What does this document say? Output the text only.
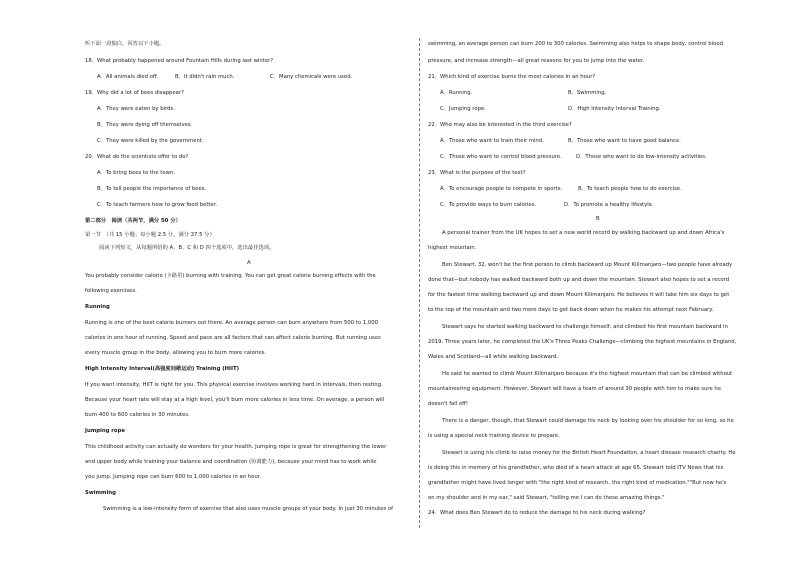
听下面一段独白，回答以下小题。
18．What probably happened around Fountain Hills during last winter?
A．All animals died off.	B．It didn't rain much.	C．Many chemicals were used.
19．Why did a lot of bees disappear?
A．They were eaten by birds.
B．They were dying off themselves.
C．They were killed by the government.
20．What do the scientists offer to do?
A．To bring bees to the town.
B．To tell people the importance of bees.
C．To teach farmers how to grow food better.
第二部分　阅读（共两节，满分 50 分）
第一节　（共 15 小题；每小题 2.5 分，满分 37.5 分）
阅读下列短文，从每题所给的 A、B、C 和 D 四个选项中，选出最佳选项。
A
You probably consider calorie (卡路里) burning with training. You can get great calorie burning effects with the
following exercises.
Running
Running is one of the best calorie burners out there. An average person can burn anywhere from 500 to 1,000
calories in one hour of running. Speed and pace are all factors that can affect calorie burning. But running uses
every muscle group in the body, allowing you to burn more calories.
High Intensity Interval(高强度间歇运动) Training (HIIT)
If you want intensity, HIIT is right for you. This physical exercise involves working hard in intervals, then resting.
Because your heart rate will stay at a high level, you'll burn more calories in less time. On average, a person will
burn 400 to 600 calories in 30 minutes.
Jumping rope
This childhood activity can actually do wonders for your health. Jumping rope is great for strengthening the lower
and upper body while training your balance and coordination (协调能力), because your mind has to work while
you jump. Jumping rope can burn 600 to 1,000 calories in an hour.
Swimming
Swimming is a low-intensity form of exercise that also uses muscle groups of your body. In just 30 minutes of
swimming, an average person can burn 200 to 300 calories. Swimming also helps to shape body, control blood
pressure, and increase strength—all great reasons for you to jump into the water.
21．Which kind of exercise burns the most calories in an hour?
A．Running.	B．Swimming.
C．Jumping rope.	D．High Intensity Interval Training.
22．Who may also be interested in the third exercise?
A．Those who want to train their mind.	B．Those who want to have good balance.
C．Those who want to control blood pressure.	D．Those who want to do low-intensity activities.
23．What is the purpose of the text?
A．To encourage people to compete in sports.	B．To teach people how to do exercise.
C．To provide ways to burn calories.	D．To promote a healthy lifestyle.
B
A personal trainer from the UK hopes to set a new world record by walking backward up and down Africa's
highest mountain.
Ben Stewart, 32, won't be the first person to climb backward up Mount Kilimanjaro—two people have already
done that—but nobody has walked backward both up and down the mountain. Stewart also hopes to set a record
for the fastest time walking backward up and down Mount Kilimanjaro. He believes it will take him six days to get
to the top of the mountain and two more days to get back down when he makes his attempt next February.
Stewart says he started walking backward to challenge himself, and climbed his first mountain backward in
2019. Three years later, he completed the UK's Three Peaks Challenge—climbing the highest mountains in England,
Wales and Scotland—all while walking backward.
He said he wanted to climb Mount Kilimanjaro because it's the highest mountain that can be climbed without
mountaineering equipment. However, Stewart will have a team of around 30 people with him to make sure he
doesn't fall off!
There is a danger, though, that Stewart could damage his neck by looking over his shoulder for so long, so he
is using a special neck training device to prepare.
Stewart is using his climb to raise money for the British Heart Foundation, a heart disease research charity. He
is doing this in memory of his grandfather, who died of a heart attack at age 65. Stewart told ITV News that his
grandfather might have lived longer with "the right kind of research, the right kind of medication.""But now he's
on my shoulder and in my ear," said Stewart, "telling me I can do these amazing things."
24．What does Ben Stewart do to reduce the damage to his neck during walking?
